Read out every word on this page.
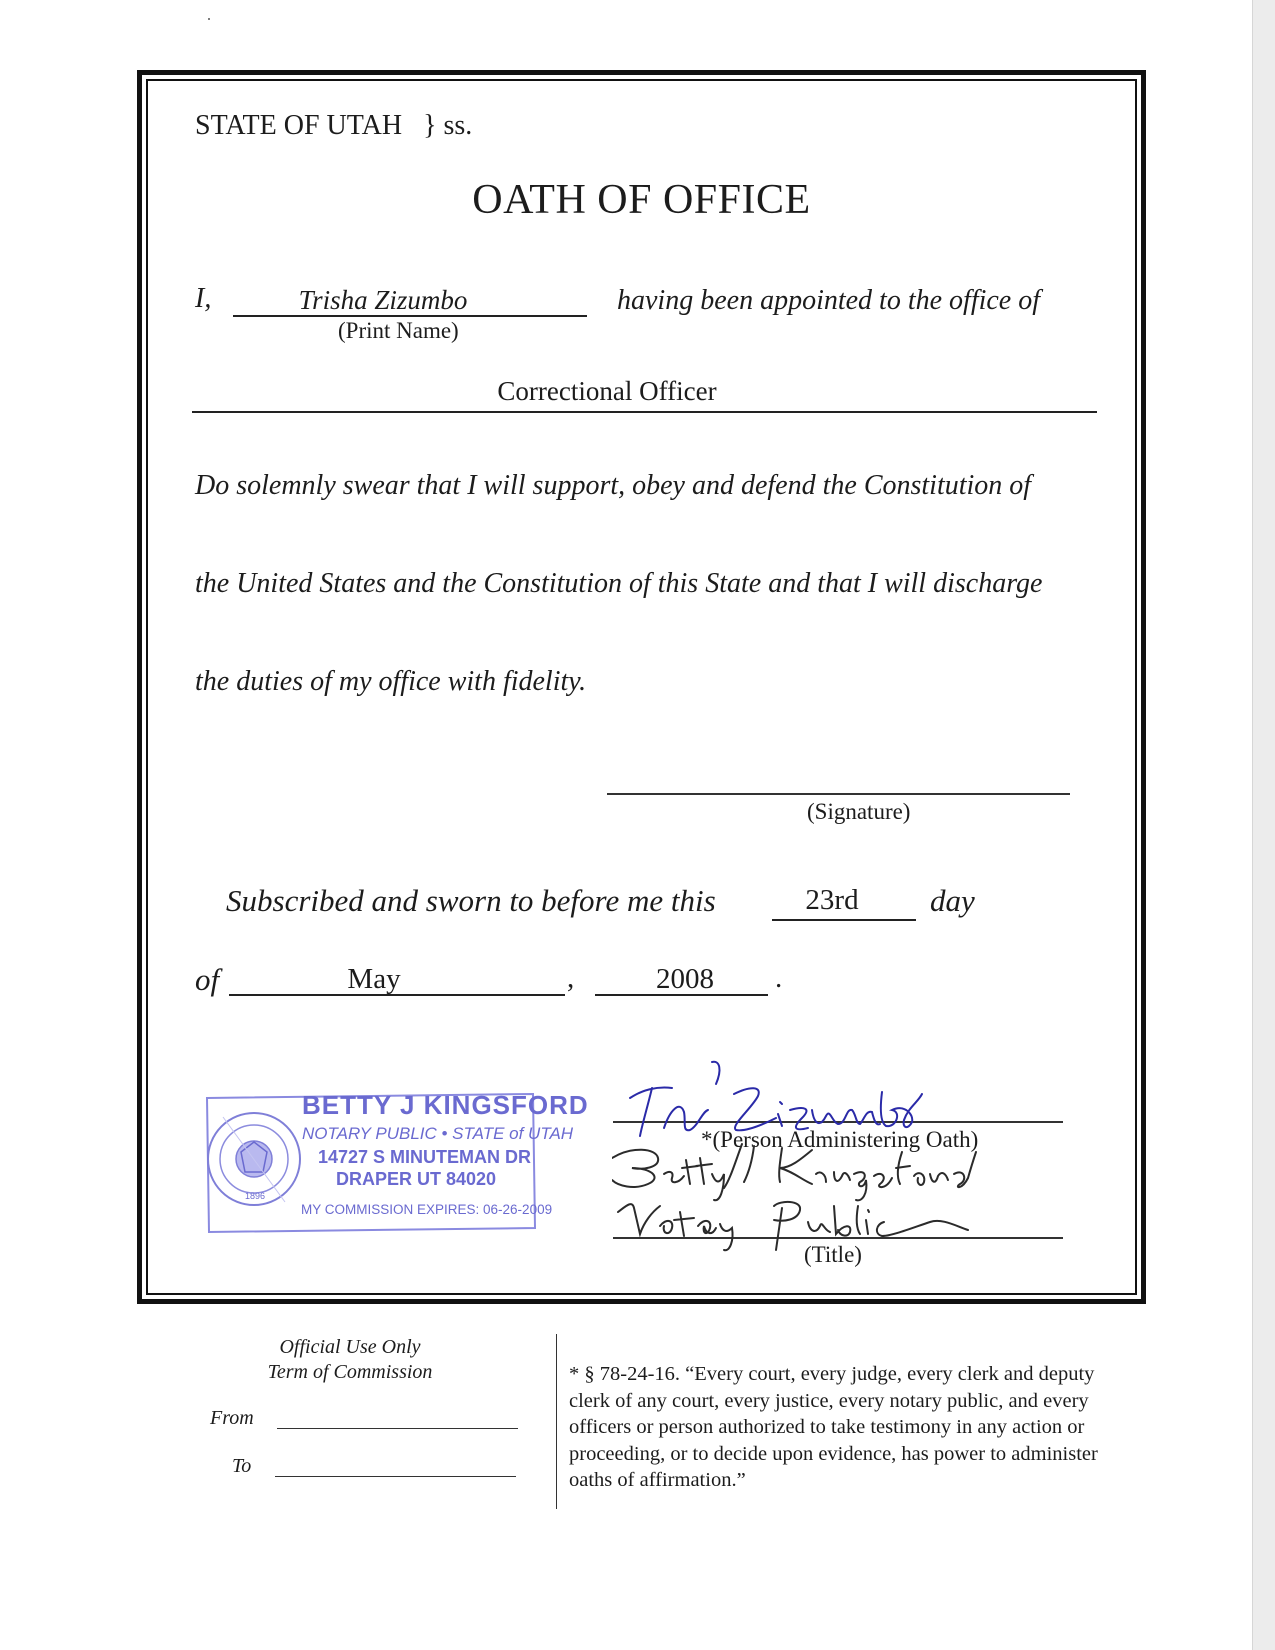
STATE OF UTAH } ss.
OATH OF OFFICE
I,	Trisha Zizumbo
(Print Name)
having been appointed to the office of
Correctional Officer
Do solemnly swear that I will support, obey and defend the Constitution of
the United States and the Constitution of this State and that I will discharge
the duties of my office with fidelity.
(Signature)
Subscribed and sworn to before me this	23rd	day
of	May	,	2008	.
BETTY J KINGSFORD
NOTARY PUBLIC • STATE of UTAH
14727 S MINUTEMAN DR
DRAPER UT 84020
MY COMMISSION EXPIRES: 06-26-2009
1896
*(Person Administering Oath)
(Title)
Official Use Only
Term of Commission
From
To
* § 78-24-16. “Every court, every judge, every clerk and deputy clerk of any court, every justice, every notary public, and every officers or person authorized to take testimony in any action or proceeding, or to decide upon evidence, has power to administer oaths of affirmation.”
